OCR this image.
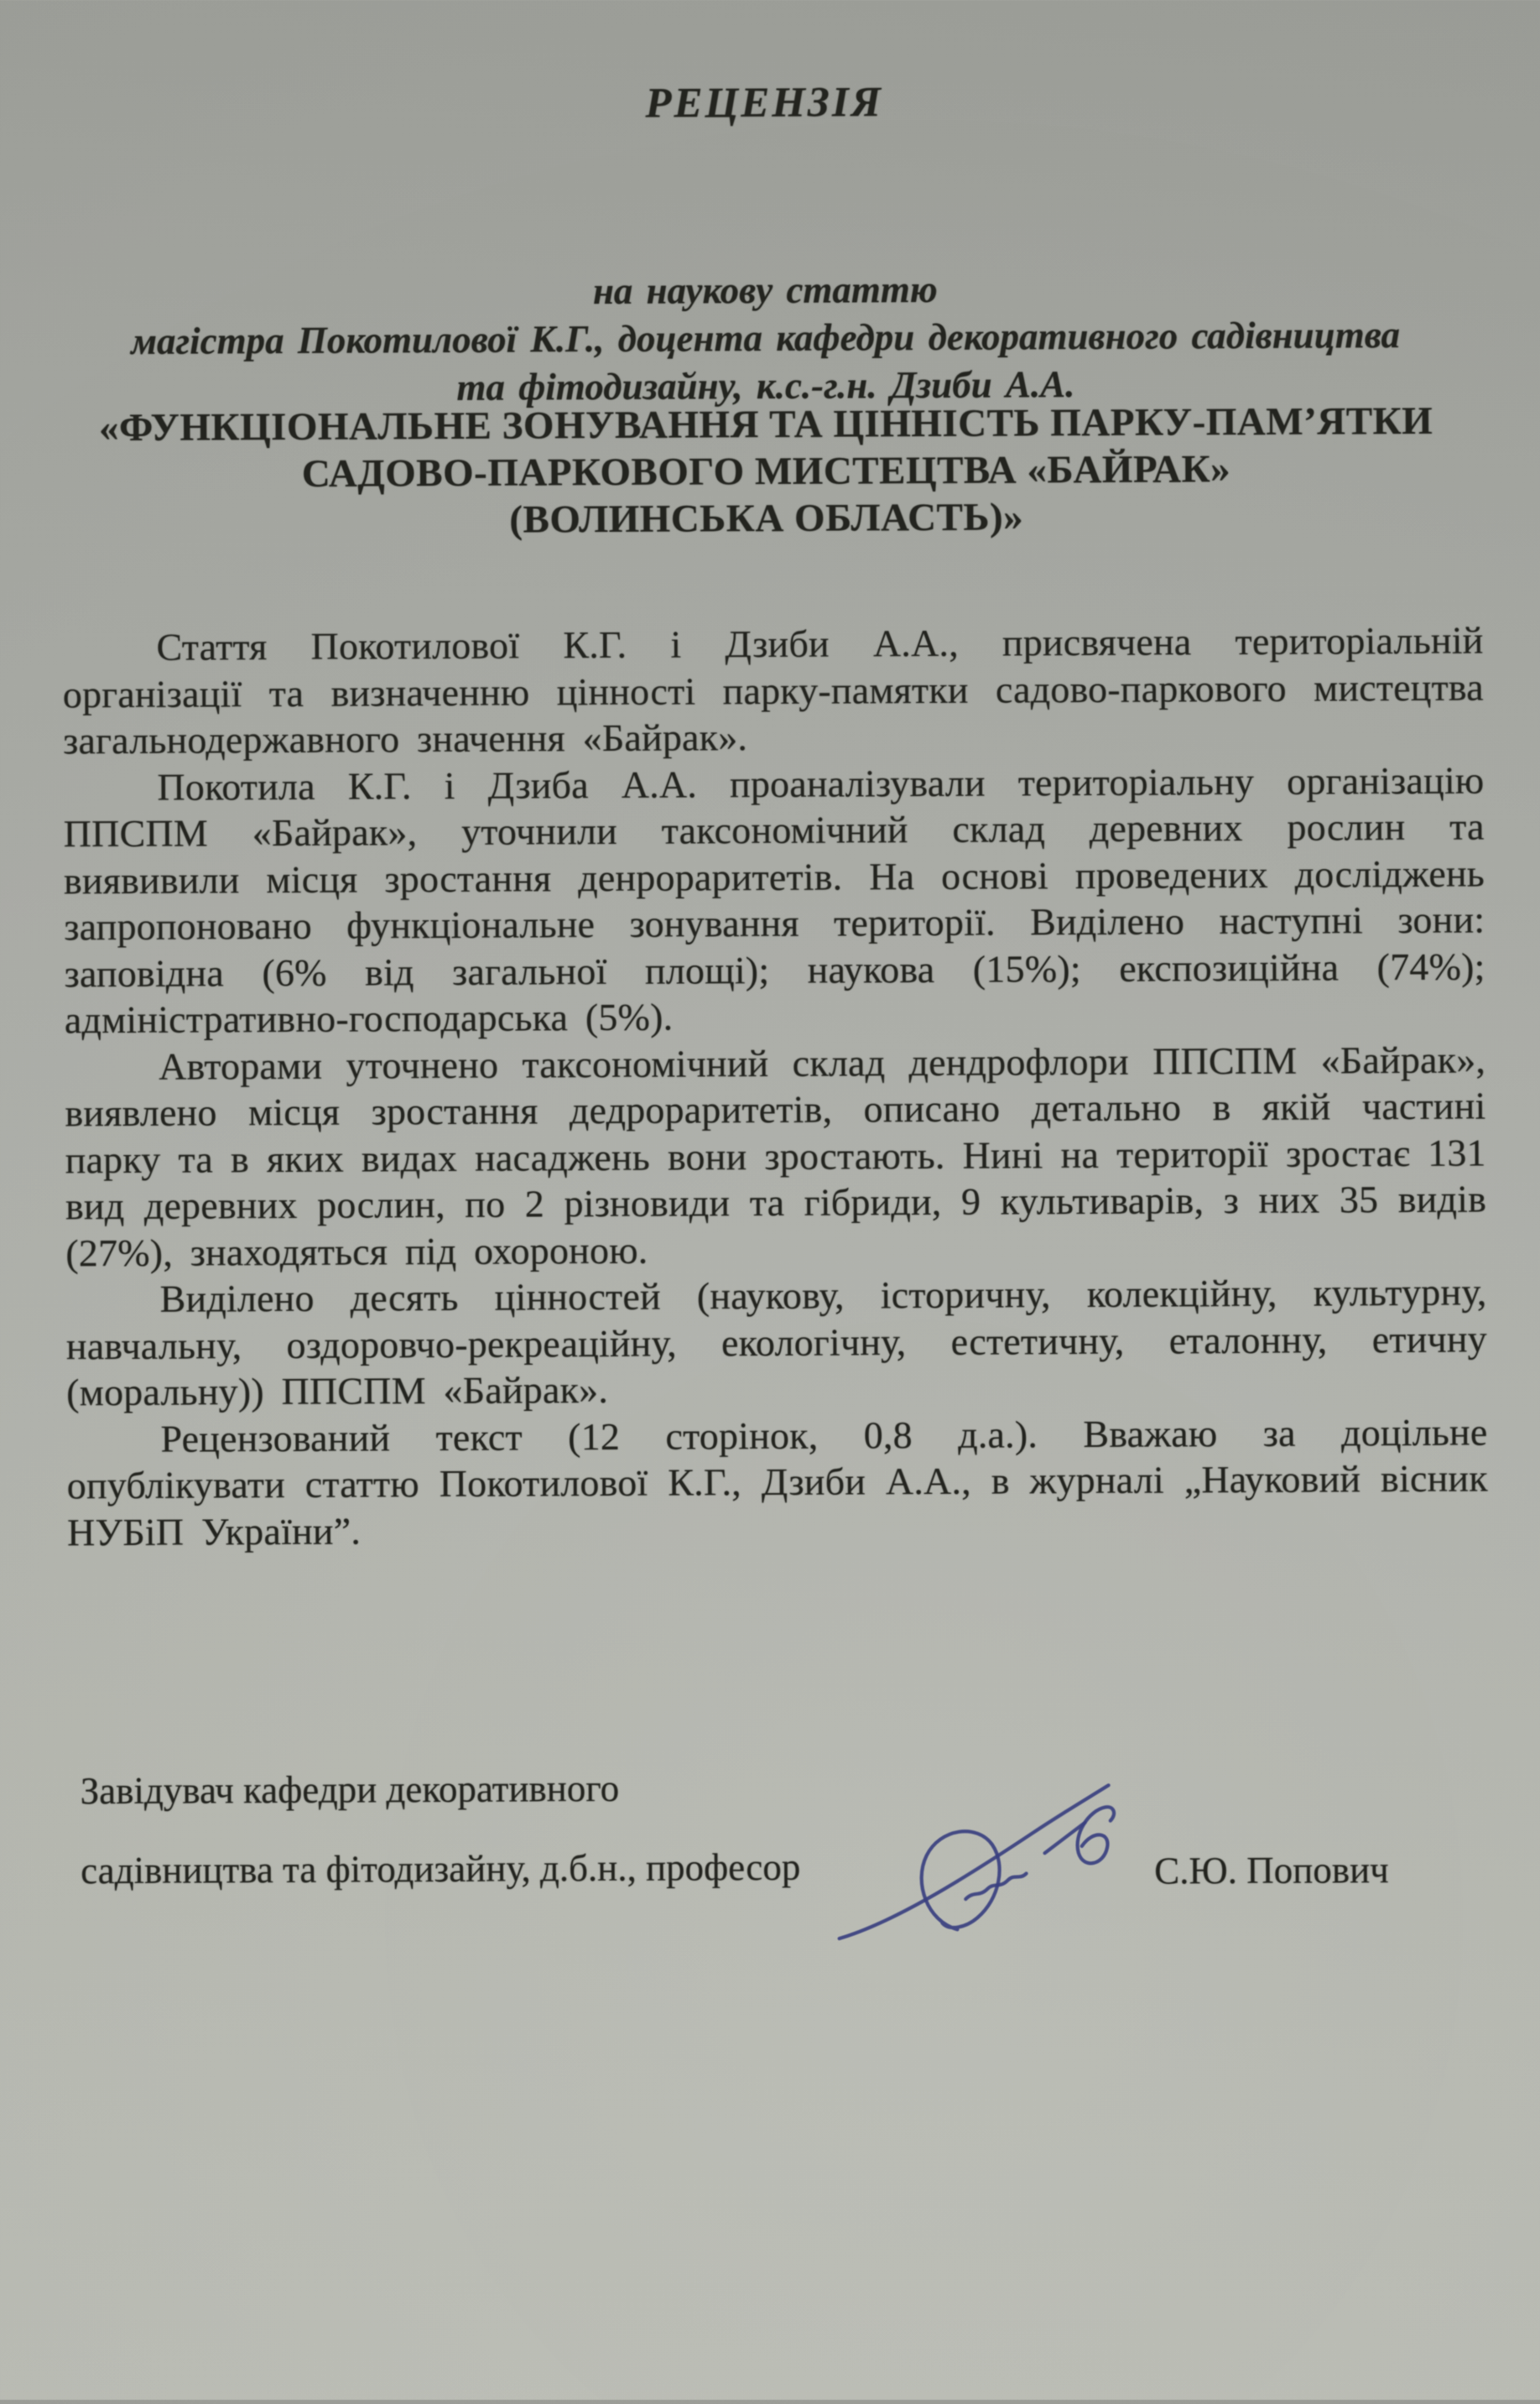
РЕЦЕНЗІЯ
на наукову статтю
магістра Покотилової К.Г., доцента кафедри декоративного садівництва
та фітодизайну, к.с.-г.н. Дзиби А.А.
«ФУНКЦІОНАЛЬНЕ ЗОНУВАННЯ ТА ЦІННІСТЬ ПАРКУ-ПАМ’ЯТКИ
САДОВО-ПАРКОВОГО МИСТЕЦТВА «БАЙРАК»
(ВОЛИНСЬКА ОБЛАСТЬ)»

Стаття Покотилової К.Г. і Дзиби А.А., присвячена територіальній організації та визначенню цінності парку-памятки садово-паркового мистецтва загальнодержавного значення «Байрак».

Покотила К.Г. і Дзиба А.А. проаналізували територіальну організацію ППСПМ «Байрак», уточнили таксономічний склад деревних рослин та виявивили місця зростання денрораритетів. На основі проведених досліджень запропоновано функціональне зонування території. Виділено наступні зони: заповідна (6% від загальної площі); наукова (15%); експозиційна (74%); адміністративно-господарська (5%).

Авторами уточнено таксономічний склад дендрофлори ППСПМ «Байрак», виявлено місця зростання дедрораритетів, описано детально в якій частині парку та в яких видах насаджень вони зростають. Нині на території зростає 131 вид деревних рослин, по 2 різновиди та гібриди, 9 культиварів, з них 35 видів (27%), знаходяться під охороною.

Виділено десять цінностей (наукову, історичну, колекційну, культурну, навчальну, оздоровчо-рекреаційну, екологічну, естетичну, еталонну, етичну (моральну)) ППСПМ «Байрак».

Рецензований текст (12 сторінок, 0,8 д.а.). Вважаю за доцільне опублікувати статтю Покотилової К.Г., Дзиби А.А., в журналі „Науковий вісник НУБіП України”.

Завідувач кафедри декоративного
садівництва та фітодизайну, д.б.н., професор	С.Ю. Попович
